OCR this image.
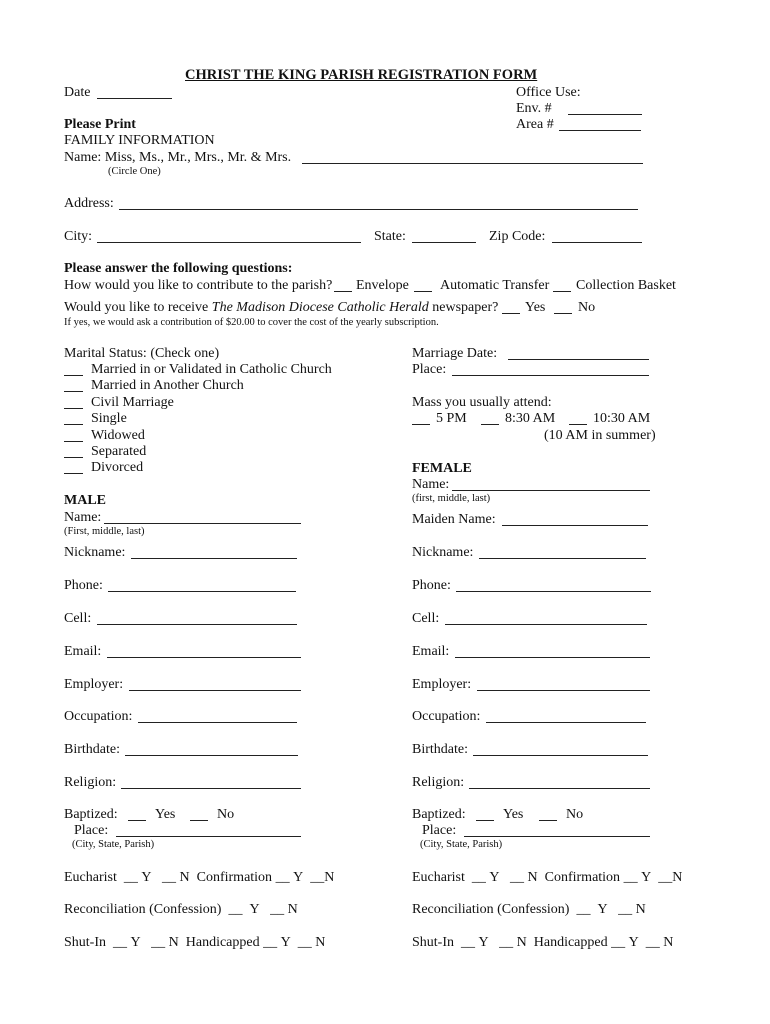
CHRIST THE KING PARISH REGISTRATION FORM
Date	Office Use:
Env. #
Area #
Please Print
FAMILY INFORMATION
Name: Miss, Ms., Mr., Mrs., Mr. & Mrs.
(Circle One)
Address:
City:	State:	Zip Code:
Please answer the following questions:
How would you like to contribute to the parish? Envelope Automatic Transfer Collection Basket
Would you like to receive The Madison Diocese Catholic Herald newspaper? Yes No
If yes, we would ask a contribution of $20.00 to cover the cost of the yearly subscription.
Marital Status: (Check one)
Married in or Validated in Catholic Church
Married in Another Church
Civil Marriage
Single
Widowed
Separated
Divorced
Marriage Date:
Place:
Mass you usually attend:
5 PM	8:30 AM	10:30 AM
(10 AM in summer)
MALE
FEMALE
Name:
(First, middle, last)
Nickname:
Phone:
Cell:
Email:
Employer:
Occupation:
Birthdate:
Religion:
Baptized:	Yes	No
Place:
(City, State, Parish)
Eucharist  __ Y   __ N Confirmation __ Y  __N
Reconciliation (Confession)  __  Y   __ N
Shut-In  __ Y   __ N Handicapped __ Y  __ N
Name:
(first, middle, last)
Maiden Name:
Nickname:
Phone:
Cell:
Email:
Employer:
Occupation:
Birthdate:
Religion:
Baptized:	Yes	No
Place:
(City, State, Parish)
Eucharist  __ Y   __ N Confirmation __ Y  __N
Reconciliation (Confession)  __  Y   __ N
Shut-In  __ Y   __ N Handicapped __ Y  __ N
